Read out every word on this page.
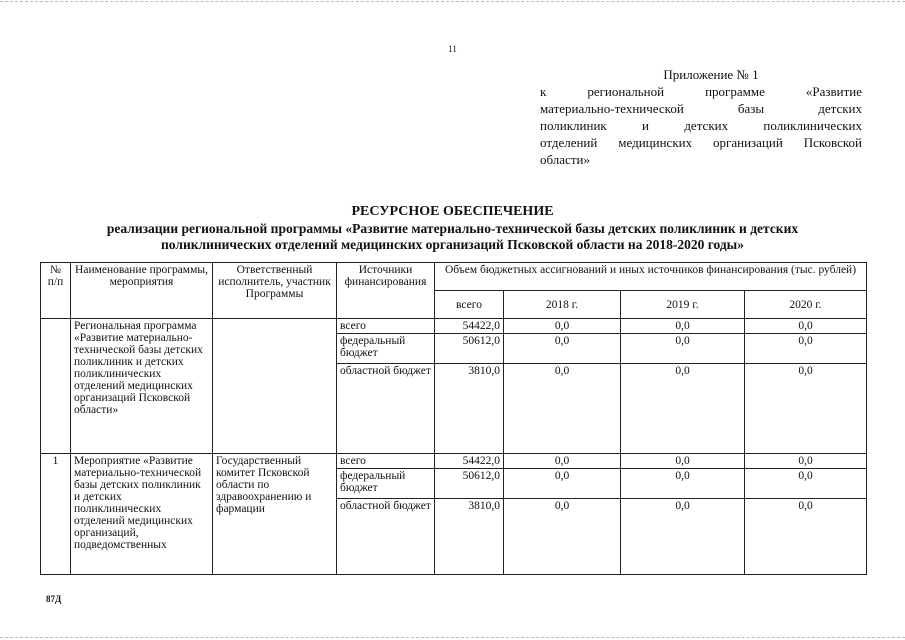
11
Приложение № 1
к региональной программе «Развитие
материально-технической базы детских
поликлиник и детских поликлинических
отделений медицинских организаций Псковской
области»
РЕСУРСНОЕ ОБЕСПЕЧЕНИЕ
реализации региональной программы «Развитие материально-технической базы детских поликлиник и детских
поликлинических отделений медицинских организаций Псковской области на 2018-2020 годы»
№ п/п	Наименование программы, мероприятия	Ответственный исполнитель, участник Программы	Источники финансирования	Объем бюджетных ассигнований и иных источников финансирования (тыс. рублей)			
				всего	2018 г.	2019 г.	2020 г.
	Региональная программа «Развитие материально-технической базы детских поликлиник и детских поликлинических отделений медицинских организаций Псковской области»		всего	54422,0	0,0	0,0	0,0
			федеральный бюджет	50612,0	0,0	0,0	0,0
			областной бюджет	3810,0	0,0	0,0	0,0
1	Мероприятие «Развитие материально-технической базы детских поликлиник и детских поликлинических отделений медицинских организаций, подведомственных	Государственный комитет Псковской области по здравоохранению и фармации	всего	54422,0	0,0	0,0	0,0
			федеральный бюджет	50612,0	0,0	0,0	0,0
			областной бюджет	3810,0	0,0	0,0	0,0
87Д
